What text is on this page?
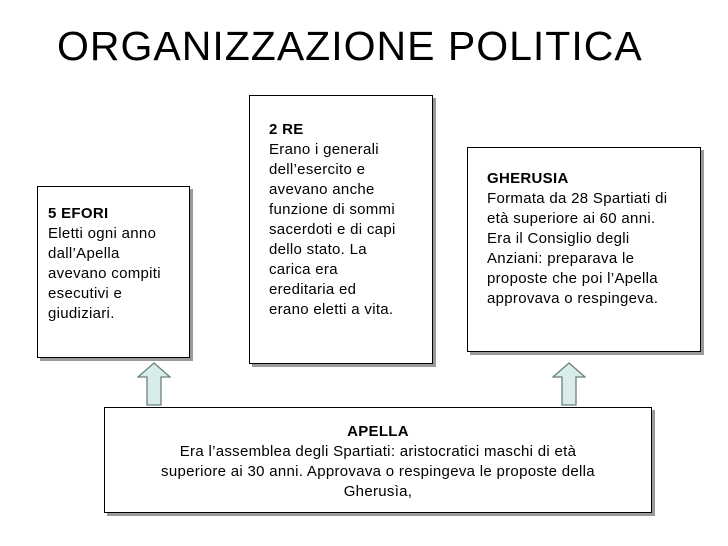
ORGANIZZAZIONE POLITICA
5 EFORI
Eletti ogni anno
dall’Apella
avevano compiti
esecutivi e
giudiziari.
2 RE
Erano i generali
dell’esercito e
avevano anche
funzione di sommi
sacerdoti e di capi
dello stato. La
carica era
ereditaria ed
erano eletti a vita.
GHERUSIA
Formata da 28 Spartiati di
età superiore ai 60 anni.
Era il Consiglio degli
Anziani: preparava le
proposte che poi l’Apella
approvava o respingeva.
APELLA
Era l’assemblea degli Spartiati: aristocratici maschi di età
superiore ai 30 anni. Approvava o respingeva le proposte della
Gherusìa,
